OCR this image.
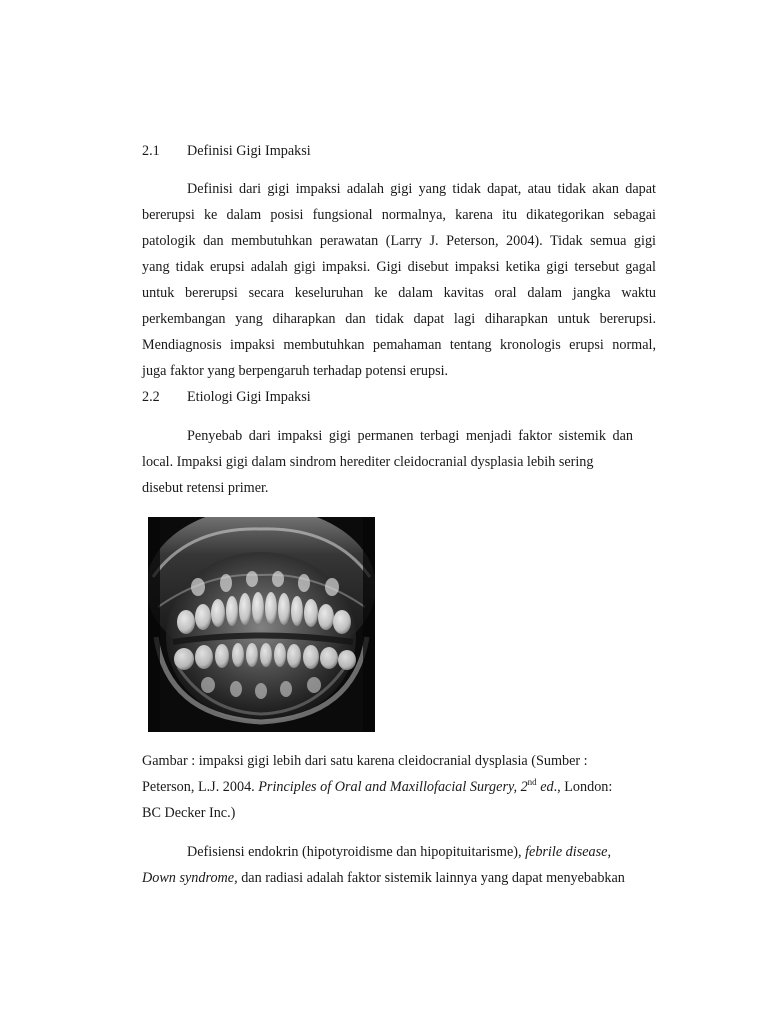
2.1 Definisi Gigi Impaksi
Definisi dari gigi impaksi adalah gigi yang tidak dapat, atau tidak akan dapat
bererupsi ke dalam posisi fungsional normalnya, karena itu dikategorikan sebagai
patologik dan membutuhkan perawatan (Larry J. Peterson, 2004). Tidak semua gigi
yang tidak erupsi adalah gigi impaksi. Gigi disebut impaksi ketika gigi tersebut gagal
untuk bererupsi secara keseluruhan ke dalam kavitas oral dalam jangka waktu
perkembangan yang diharapkan dan tidak dapat lagi diharapkan untuk bererupsi.
Mendiagnosis impaksi membutuhkan pemahaman tentang kronologis erupsi normal,
juga faktor yang berpengaruh terhadap potensi erupsi.
2.2 Etiologi Gigi Impaksi
Penyebab dari impaksi gigi permanen terbagi menjadi faktor sistemik dan
local. Impaksi gigi dalam sindrom herediter cleidocranial dysplasia lebih sering
disebut retensi primer.
Gambar : impaksi gigi lebih dari satu karena cleidocranial dysplasia (Sumber :
Peterson, L.J. 2004. Principles of Oral and Maxillofacial Surgery, 2nd ed., London:
BC Decker Inc.)
Defisiensi endokrin (hipotyroidisme dan hipopituitarisme), febrile disease,
Down syndrome, dan radiasi adalah faktor sistemik lainnya yang dapat menyebabkan
